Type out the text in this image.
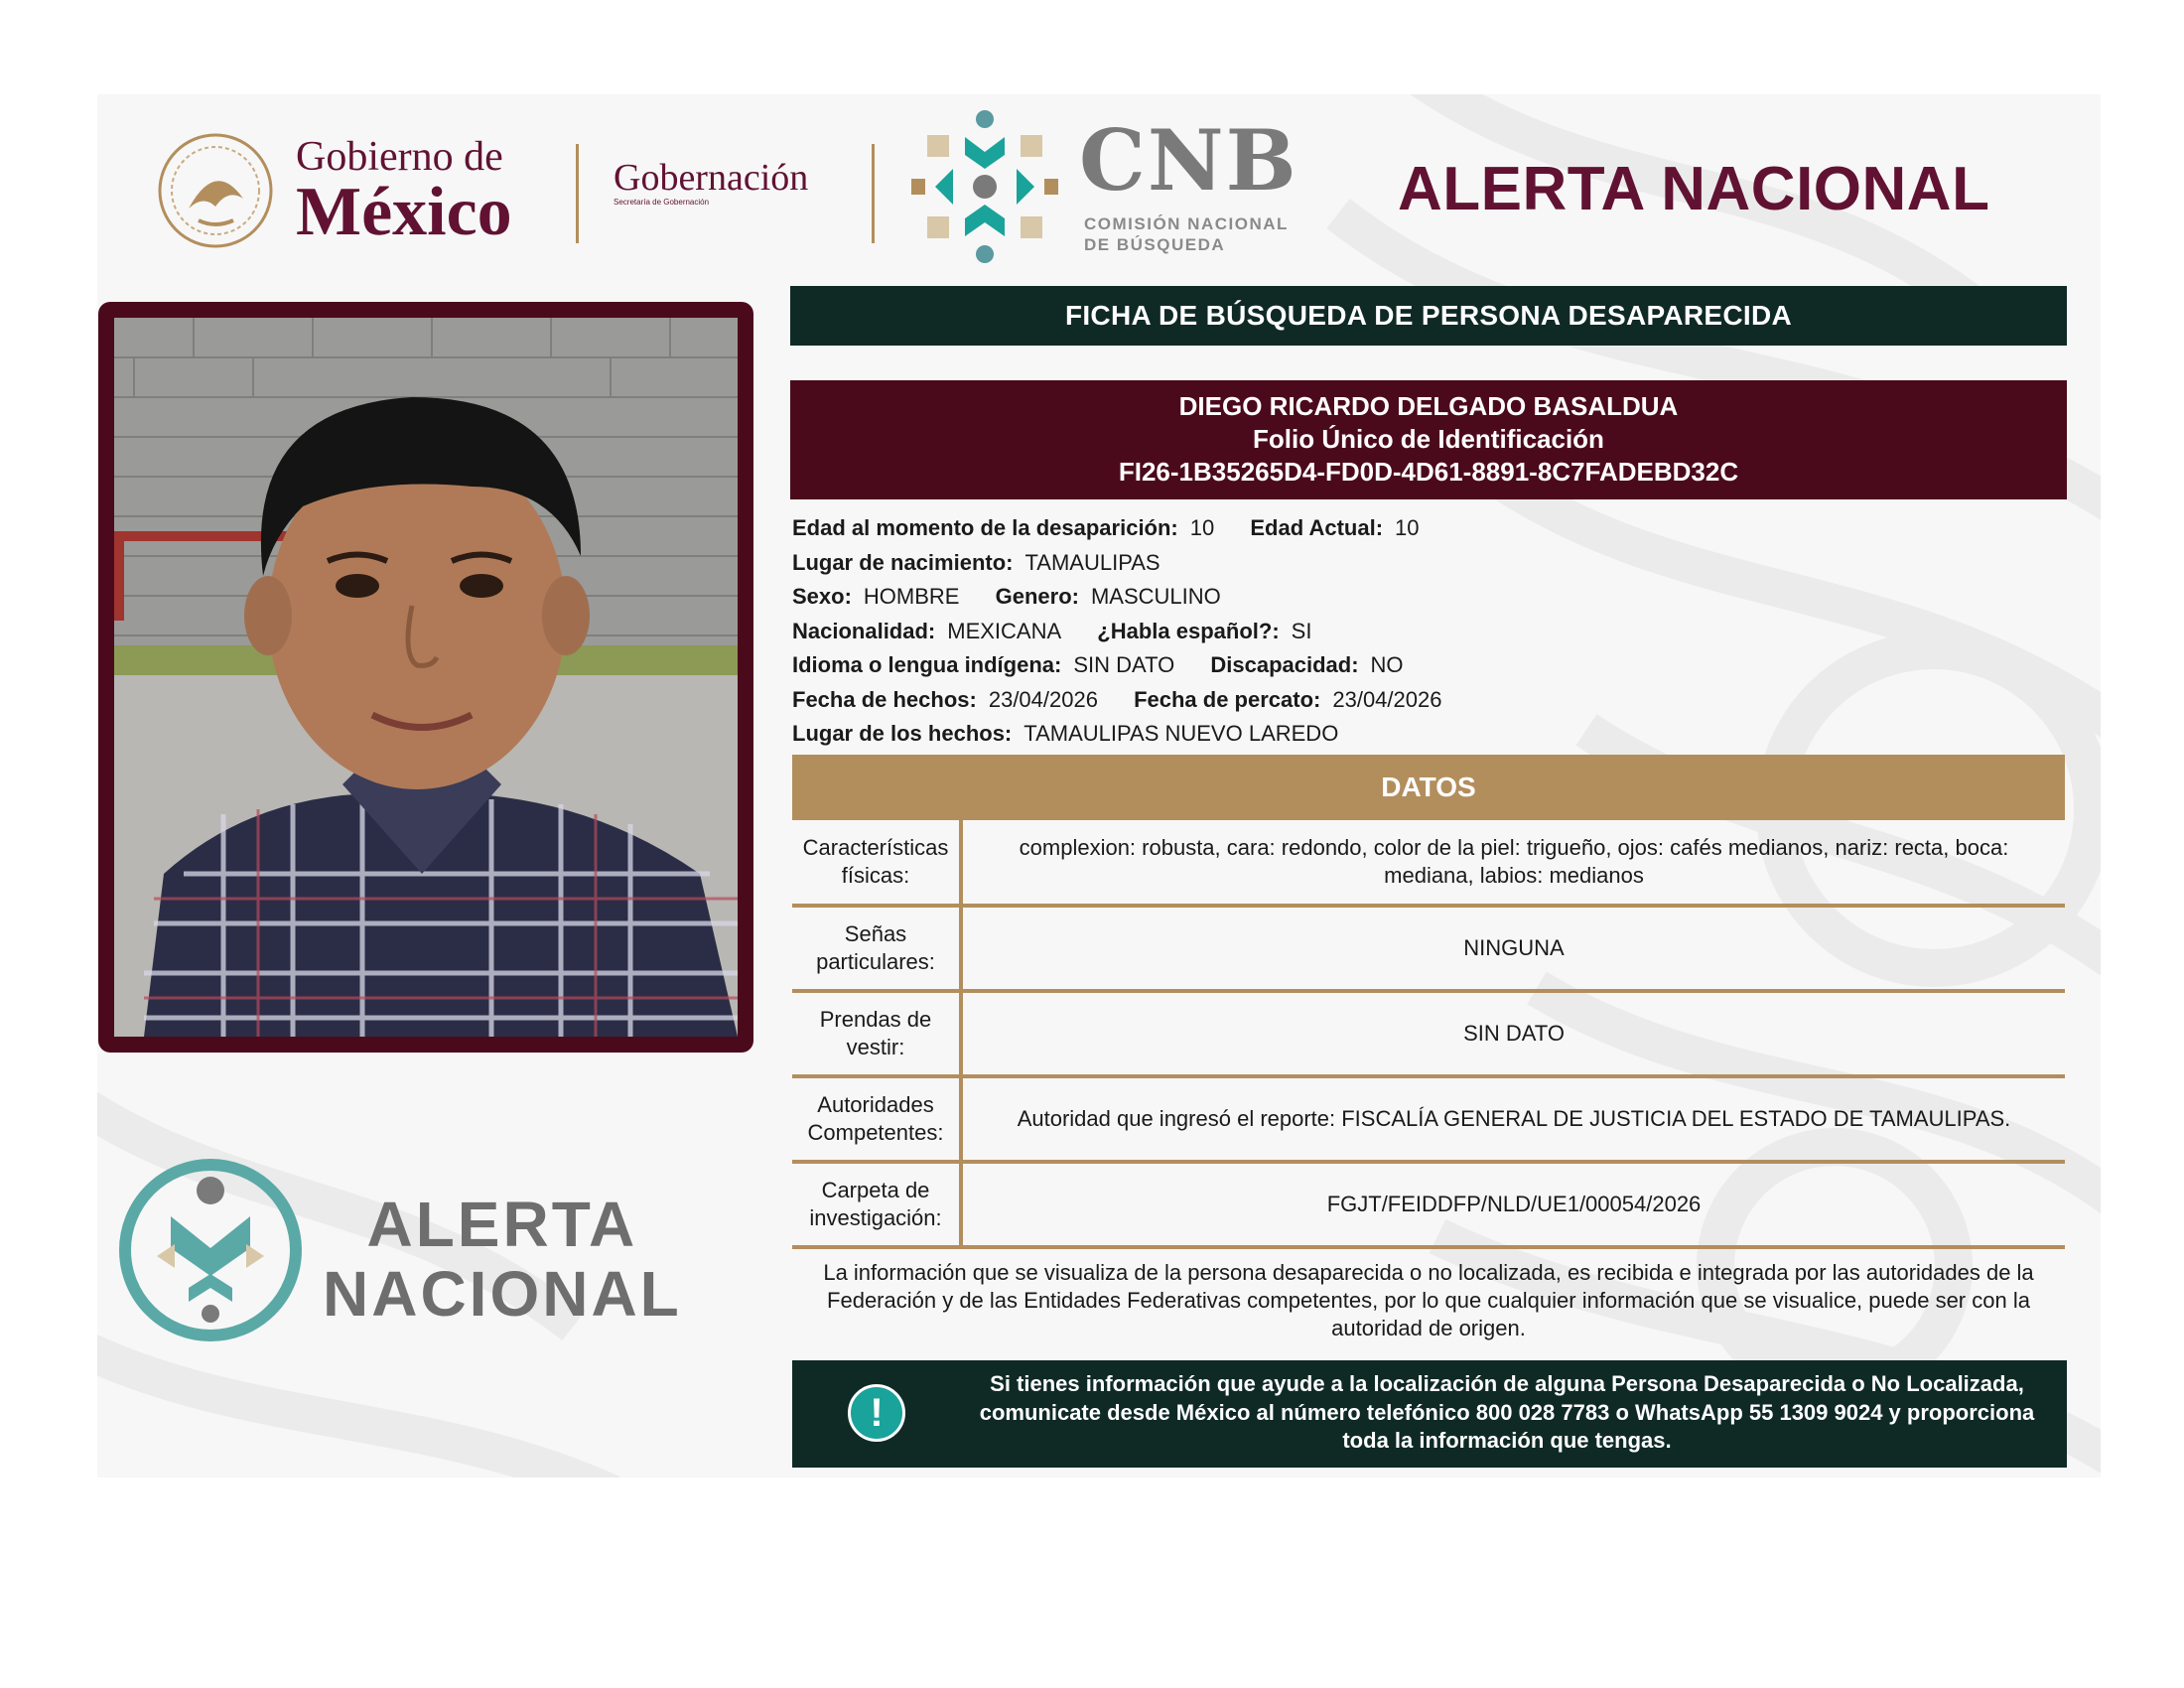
Gobierno de
México	Gobernación
Secretaría de Gobernación	CNB
COMISIÓN NACIONAL
DE BÚSQUEDA
ALERTA NACIONAL
FICHA DE BÚSQUEDA DE PERSONA DESAPARECIDA
DIEGO RICARDO DELGADO BASALDUA
Folio Único de Identificación
FI26-1B35265D4-FD0D-4D61-8891-8C7FADEBD32C
Edad al momento de la desaparición: 10 Edad Actual: 10
Lugar de nacimiento: TAMAULIPAS
Sexo: HOMBRE Genero: MASCULINO
Nacionalidad: MEXICANA ¿Habla español?: SI
Idioma o lengua indígena: SIN DATO Discapacidad: NO
Fecha de hechos: 23/04/2026 Fecha de percato: 23/04/2026
Lugar de los hechos: TAMAULIPAS NUEVO LAREDO
DATOS
Características físicas:	complexion: robusta, cara: redondo, color de la piel: trigueño, ojos: cafés medianos, nariz: recta, boca: mediana, labios: medianos
Señas particulares:	NINGUNA
Prendas de vestir:	SIN DATO
Autoridades Competentes:	Autoridad que ingresó el reporte: FISCALÍA GENERAL DE JUSTICIA DEL ESTADO DE TAMAULIPAS.
Carpeta de investigación:	FGJT/FEIDDFP/NLD/UE1/00054/2026
La información que se visualiza de la persona desaparecida o no localizada, es recibida e integrada por las autoridades de la Federación y de las Entidades Federativas competentes, por lo que cualquier información que se visualice, puede ser con la autoridad de origen.
!
Si tienes información que ayude a la localización de alguna Persona Desaparecida o No Localizada, comunicate desde México al número telefónico 800 028 7783 o WhatsApp 55 1309 9024 y proporciona toda la información que tengas.
ALERTA
NACIONAL
